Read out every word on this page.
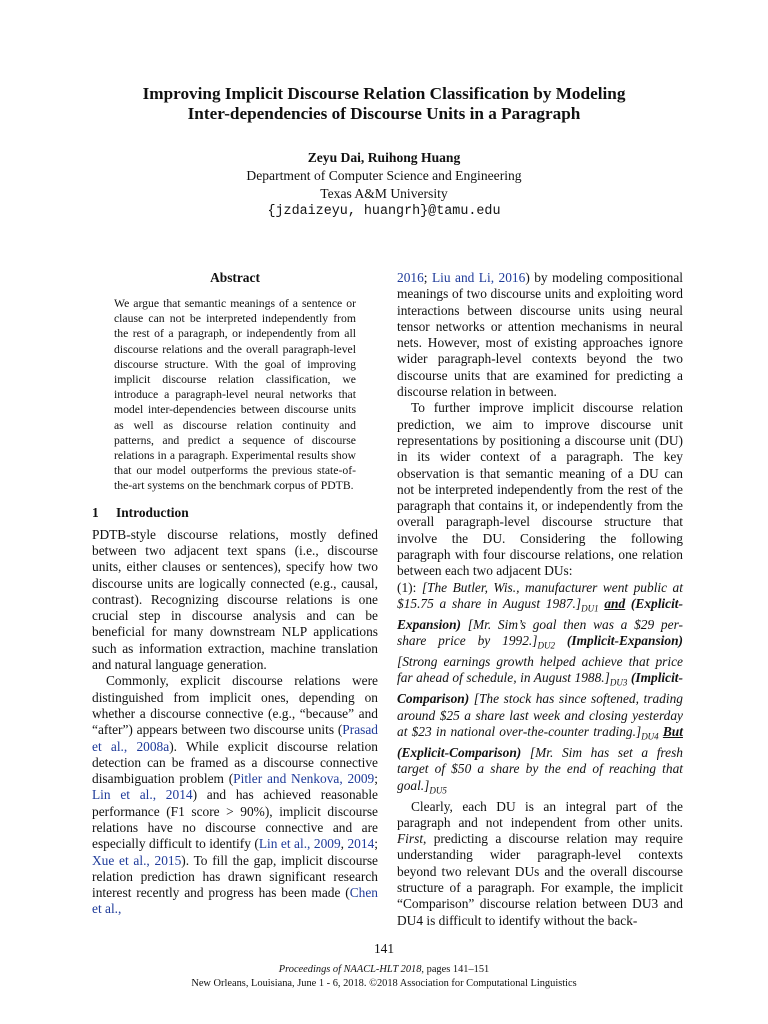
Improving Implicit Discourse Relation Classification by Modeling
Inter-dependencies of Discourse Units in a Paragraph
Zeyu Dai, Ruihong Huang
Department of Computer Science and Engineering
Texas A&M University
{jzdaizeyu, huangrh}@tamu.edu
Abstract

We argue that semantic meanings of a sentence or clause can not be interpreted independently from the rest of a paragraph, or independently from all discourse relations and the overall paragraph-level discourse structure. With the goal of improving implicit discourse relation classification, we introduce a paragraph-level neural networks that model inter-dependencies between discourse units as well as discourse relation continuity and patterns, and predict a sequence of discourse relations in a paragraph. Experimental results show that our model outperforms the previous state-of-the-art systems on the benchmark corpus of PDTB.

1 Introduction

PDTB-style discourse relations, mostly defined between two adjacent text spans (i.e., discourse units, either clauses or sentences), specify how two discourse units are logically connected (e.g., causal, contrast). Recognizing discourse relations is one crucial step in discourse analysis and can be beneficial for many downstream NLP applications such as information extraction, machine translation and natural language generation.

Commonly, explicit discourse relations were distinguished from implicit ones, depending on whether a discourse connective (e.g., “because” and “after”) appears between two discourse units (Prasad et al., 2008a). While explicit discourse relation detection can be framed as a discourse connective disambiguation problem (Pitler and Nenkova, 2009; Lin et al., 2014) and has achieved reasonable performance (F1 score > 90%), implicit discourse relations have no discourse connective and are especially difficult to identify (Lin et al., 2009, 2014; Xue et al., 2015). To fill the gap, implicit discourse relation prediction has drawn significant research interest recently and progress has been made (Chen et al.,

2016; Liu and Li, 2016) by modeling compositional meanings of two discourse units and exploiting word interactions between discourse units using neural tensor networks or attention mechanisms in neural nets. However, most of existing approaches ignore wider paragraph-level contexts beyond the two discourse units that are examined for predicting a discourse relation in between.

To further improve implicit discourse relation prediction, we aim to improve discourse unit representations by positioning a discourse unit (DU) in its wider context of a paragraph. The key observation is that semantic meaning of a DU can not be interpreted independently from the rest of the paragraph that contains it, or independently from the overall paragraph-level discourse structure that involve the DU. Considering the following paragraph with four discourse relations, one relation between each two adjacent DUs:

(1): [The Butler, Wis., manufacturer went public at $15.75 a share in August $1987.]_{DU1}$ and (Explicit-Expansion) [Mr. Sim’s goal then was a $29 per-share price by $1992.]_{DU2}$ (Implicit-Expansion) [Strong earnings growth helped achieve that price far ahead of schedule, in August $1988.]_{DU3}$ (Implicit-Comparison) [The stock has since softened, trading around $25 a share last week and closing yesterday at $23 in national over-the-counter $trading.]_{DU4}$ But (Explicit-Comparison) [Mr. Sim has set a fresh target of $50 a share by the end of reaching that $goal.]_{DU5}$

Clearly, each DU is an integral part of the paragraph and not independent from other units. First, predicting a discourse relation may require understanding wider paragraph-level contexts beyond two relevant DUs and the overall discourse structure of a paragraph. For example, the implicit “Comparison” discourse relation between DU3 and DU4 is difficult to identify without the back-

141
Proceedings of NAACL-HLT 2018, pages 141–151
New Orleans, Louisiana, June 1 - 6, 2018. ©2018 Association for Computational Linguistics
